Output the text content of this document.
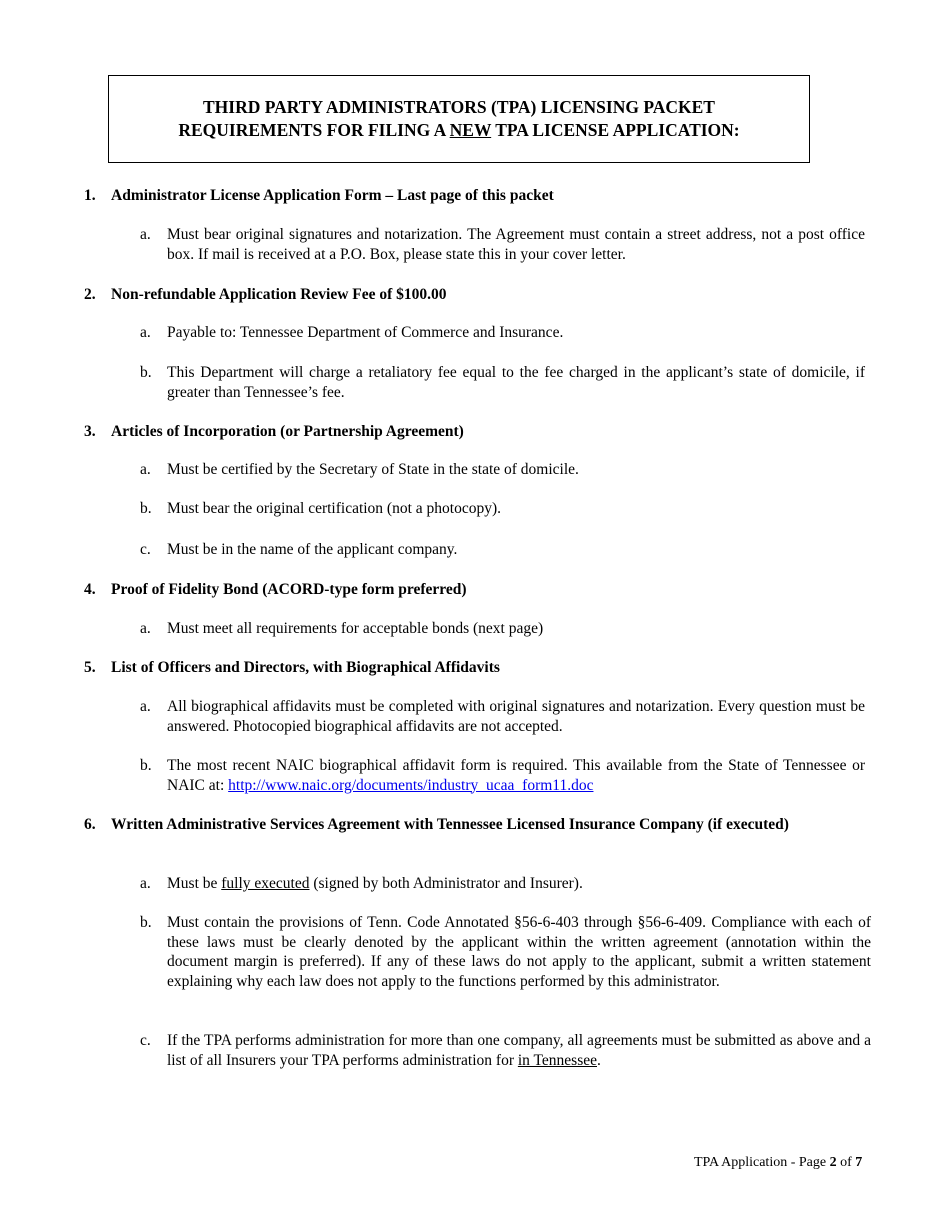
THIRD PARTY ADMINISTRATORS (TPA) LICENSING PACKET
REQUIREMENTS FOR FILING A NEW TPA LICENSE APPLICATION:
1. Administrator License Application Form – Last page of this packet
a. Must bear original signatures and notarization. The Agreement must contain a street address, not a post office box. If mail is received at a P.O. Box, please state this in your cover letter.
2. Non-refundable Application Review Fee of $100.00
a. Payable to: Tennessee Department of Commerce and Insurance.
b. This Department will charge a retaliatory fee equal to the fee charged in the applicant’s state of domicile, if greater than Tennessee’s fee.
3. Articles of Incorporation (or Partnership Agreement)
a. Must be certified by the Secretary of State in the state of domicile.
b. Must bear the original certification (not a photocopy).
c. Must be in the name of the applicant company.
4. Proof of Fidelity Bond (ACORD-type form preferred)
a. Must meet all requirements for acceptable bonds (next page)
5. List of Officers and Directors, with Biographical Affidavits
a. All biographical affidavits must be completed with original signatures and notarization. Every question must be answered. Photocopied biographical affidavits are not accepted.
b. The most recent NAIC biographical affidavit form is required. This available from the State of Tennessee or NAIC at: http://www.naic.org/documents/industry_ucaa_form11.doc
6. Written Administrative Services Agreement with Tennessee Licensed Insurance Company (if executed)
a. Must be fully executed (signed by both Administrator and Insurer).
b. Must contain the provisions of Tenn. Code Annotated §56-6-403 through §56-6-409. Compliance with each of these laws must be clearly denoted by the applicant within the written agreement (annotation within the document margin is preferred). If any of these laws do not apply to the applicant, submit a written statement explaining why each law does not apply to the functions performed by this administrator.
c. If the TPA performs administration for more than one company, all agreements must be submitted as above and a list of all Insurers your TPA performs administration for in Tennessee.
TPA Application - Page 2 of 7
